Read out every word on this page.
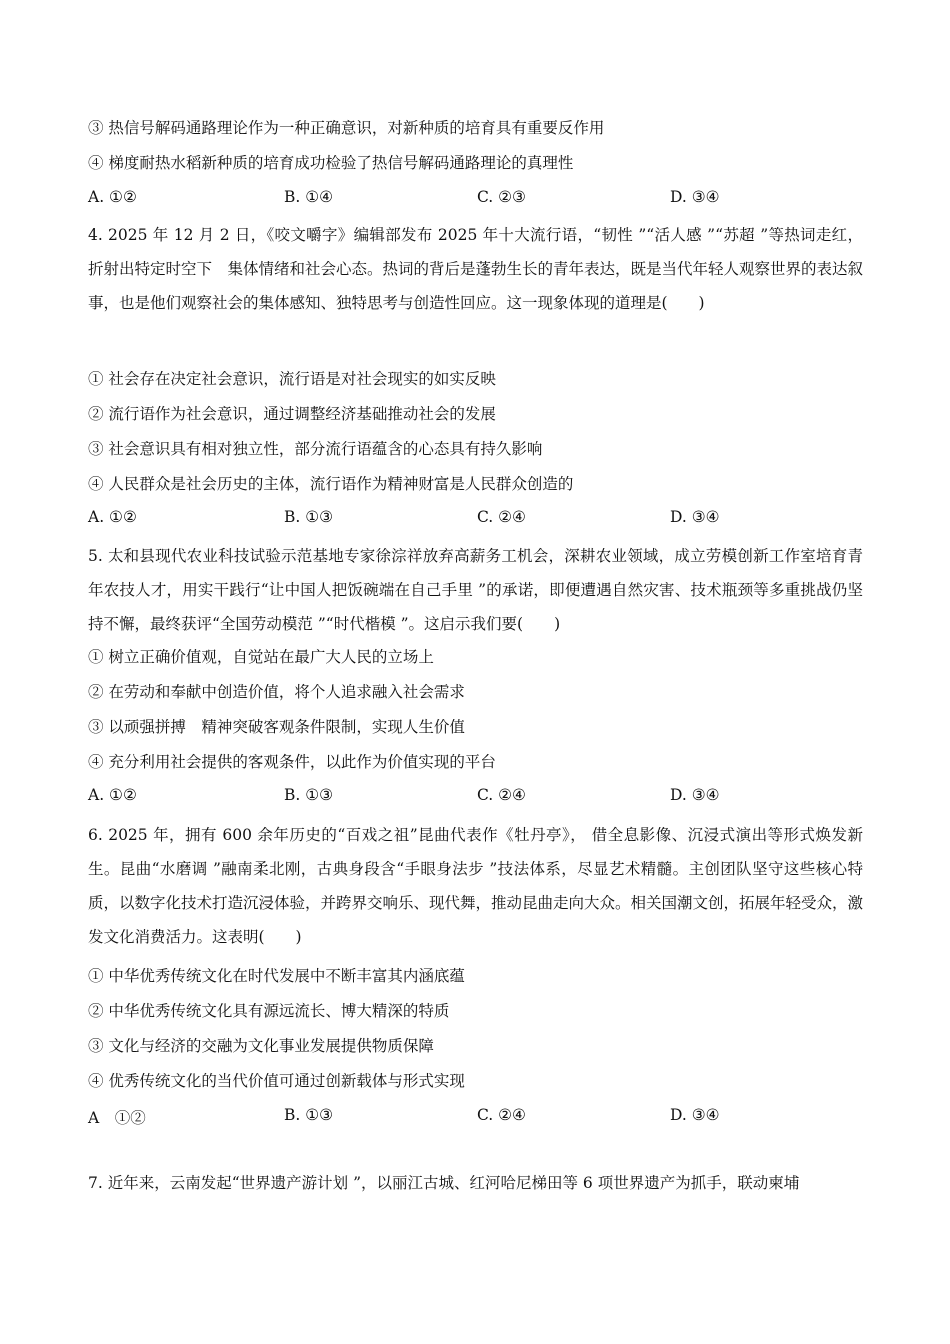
③ 热信号解码通路理论作为一种正确意识，对新种质的培育具有重要反作用
④ 梯度耐热水稻新种质的培育成功检验了热信号解码通路理论的真理性
A. ①②	B. ①④	C. ②③	D. ③④
4. 2025 年 12 月 2 日，《咬文嚼字》编辑部发布 2025 年十大流行语，“韧性 ”“活人感 ”“苏超 ”等热词走红，折射出特定时空下　集体情绪和社会心态。热词的背后是蓬勃生长的青年表达，既是当代年轻人观察世界的表达叙事，也是他们观察社会的集体感知、独特思考与创造性回应。这一现象体现的道理是(　　)
① 社会存在决定社会意识，流行语是对社会现实的如实反映
② 流行语作为社会意识，通过调整经济基础推动社会的发展
③ 社会意识具有相对独立性，部分流行语蕴含的心态具有持久影响
④ 人民群众是社会历史的主体，流行语作为精神财富是人民群众创造的
A. ①②	B. ①③	C. ②④	D. ③④
5. 太和县现代农业科技试验示范基地专家徐淙祥放弃高薪务工机会，深耕农业领域，成立劳模创新工作室培育青年农技人才，用实干践行“让中国人把饭碗端在自己手里 ”的承诺，即便遭遇自然灾害、技术瓶颈等多重挑战仍坚持不懈，最终获评“全国劳动模范 ”“时代楷模 ”。这启示我们要(　　)
① 树立正确价值观，自觉站在最广大人民的立场上
② 在劳动和奉献中创造价值，将个人追求融入社会需求
③ 以顽强拼搏　精神突破客观条件限制，实现人生价值
④ 充分利用社会提供的客观条件，以此作为价值实现的平台
A. ①②	B. ①③	C. ②④	D. ③④
6. 2025 年，拥有 600 余年历史的“百戏之祖”昆曲代表作《牡丹亭》， 借全息影像、沉浸式演出等形式焕发新生。昆曲“水磨调 ”融南柔北刚，古典身段含“手眼身法步 ”技法体系，尽显艺术精髓。主创团队坚守这些核心特质，以数字化技术打造沉浸体验，并跨界交响乐、现代舞，推动昆曲走向大众。相关国潮文创，拓展年轻受众，激发文化消费活力。这表明(　　)
① 中华优秀传统文化在时代发展中不断丰富其内涵底蕴
② 中华优秀传统文化具有源远流长、博大精深的特质
③ 文化与经济的交融为文化事业发展提供物质保障
④ 优秀传统文化的当代价值可通过创新载体与形式实现
A　①②	B. ①③	C. ②④	D. ③④
7. 近年来，云南发起“世界遗产游计划 ”，以丽江古城、红河哈尼梯田等 6 项世界遗产为抓手，联动柬埔
